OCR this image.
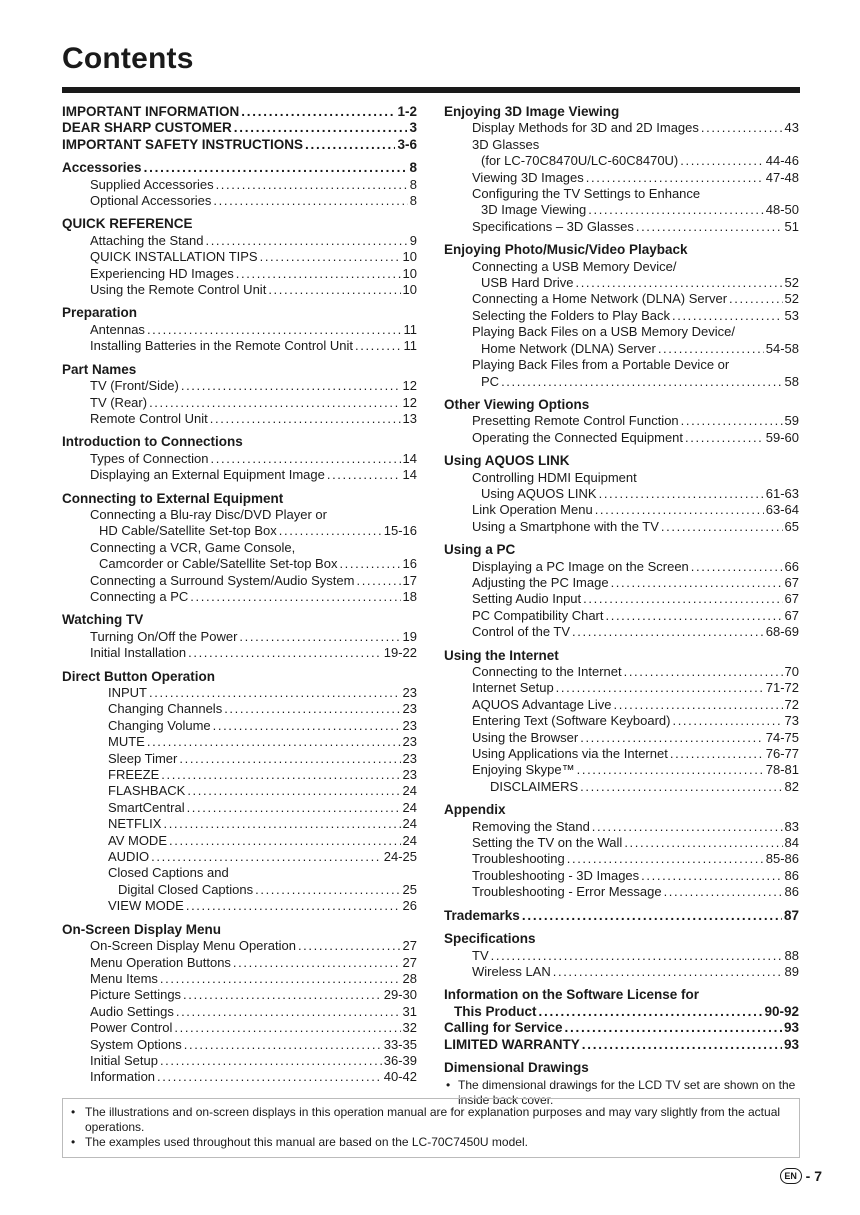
Contents
IMPORTANT INFORMATION . . .	1-2
DEAR SHARP CUSTOMER . . .	3
IMPORTANT SAFETY INSTRUCTIONS . . .	3-6
Accessories . . .	8
Supplied Accessories . . .	8
Optional Accessories . . .	8
QUICK REFERENCE
Attaching the Stand . . .	9
QUICK INSTALLATION TIPS . . .	10
Experiencing HD Images . . .	10
Using the Remote Control Unit . . .	10
Preparation
Antennas . . .	11
Installing Batteries in the Remote Control Unit . . .	11
Part Names
TV (Front/Side) . . .	12
TV (Rear) . . .	12
Remote Control Unit . . .	13
Introduction to Connections
Types of Connection . . .	14
Displaying an External Equipment Image . . .	14
Connecting to External Equipment
Connecting a Blu-ray Disc/DVD Player or
HD Cable/Satellite Set-top Box . . .	15-16
Connecting a VCR, Game Console,
Camcorder or Cable/Satellite Set-top Box . . .	16
Connecting a Surround System/Audio System . . .	17
Connecting a PC . . .	18
Watching TV
Turning On/Off the Power . . .	19
Initial Installation . . .	19-22
Direct Button Operation
INPUT . . .	23
Changing Channels . . .	23
Changing Volume . . .	23
MUTE . . .	23
Sleep Timer . . .	23
FREEZE . . .	23
FLASHBACK . . .	24
SmartCentral . . .	24
NETFLIX . . .	24
AV MODE . . .	24
AUDIO . . .	24-25
Closed Captions and
Digital Closed Captions . . .	25
VIEW MODE . . .	26
On-Screen Display Menu
On-Screen Display Menu Operation . . .	27
Menu Operation Buttons . . .	27
Menu Items . . .	28
Picture Settings . . .	29-30
Audio Settings . . .	31
Power Control . . .	32
System Options . . .	33-35
Initial Setup . . .	36-39
Information . . .	40-42
Enjoying 3D Image Viewing
Display Methods for 3D and 2D Images . . .	43
3D Glasses
(for LC-70C8470U/LC-60C8470U) . . .	44-46
Viewing 3D Images . . .	47-48
Configuring the TV Settings to Enhance
3D Image Viewing . . .	48-50
Specifications – 3D Glasses . . .	51
Enjoying Photo/Music/Video Playback
Connecting a USB Memory Device/
USB Hard Drive . . .	52
Connecting a Home Network (DLNA) Server . . .	52
Selecting the Folders to Play Back . . .	53
Playing Back Files on a USB Memory Device/
Home Network (DLNA) Server . . .	54-58
Playing Back Files from a Portable Device or
PC . . .	58
Other Viewing Options
Presetting Remote Control Function . . .	59
Operating the Connected Equipment . . .	59-60
Using AQUOS LINK
Controlling HDMI Equipment
Using AQUOS LINK . . .	61-63
Link Operation Menu . . .	63-64
Using a Smartphone with the TV . . .	65
Using a PC
Displaying a PC Image on the Screen . . .	66
Adjusting the PC Image . . .	67
Setting Audio Input . . .	67
PC Compatibility Chart . . .	67
Control of the TV . . .	68-69
Using the Internet
Connecting to the Internet . . .	70
Internet Setup . . .	71-72
AQUOS Advantage Live . . .	72
Entering Text (Software Keyboard) . . .	73
Using the Browser . . .	74-75
Using Applications via the Internet . . .	76-77
Enjoying Skype™ . . .	78-81
DISCLAIMERS . . .	82
Appendix
Removing the Stand . . .	83
Setting the TV on the Wall . . .	84
Troubleshooting . . .	85-86
Troubleshooting - 3D Images . . .	86
Troubleshooting - Error Message . . .	86
Trademarks . . .	87
Specifications
TV . . .	88
Wireless LAN . . .	89
Information on the Software License for
This Product . . .	90-92
Calling for Service . . .	93
LIMITED WARRANTY . . .	93
Dimensional Drawings
• The dimensional drawings for the LCD TV set are shown on the inside back cover.
• The illustrations and on-screen displays in this operation manual are for explanation purposes and may vary slightly from the actual operations.
• The examples used throughout this manual are based on the LC-70C7450U model.
EN - 7
